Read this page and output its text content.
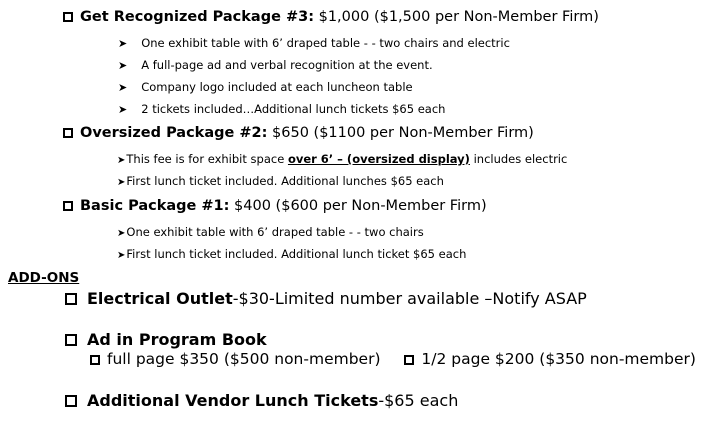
Get Recognized Package #3: $1,000 ($1,500 per Non-Member Firm)
➤ One exhibit table with 6’ draped table - - two chairs and electric
➤ A full-page ad and verbal recognition at the event.
➤ Company logo included at each luncheon table
➤ 2 tickets included…Additional lunch tickets $65 each
Oversized Package #2: $650 ($1100 per Non-Member Firm)
➤This fee is for exhibit space over 6’ – (oversized display) includes electric
➤First lunch ticket included. Additional lunches $65 each
Basic Package #1: $400 ($600 per Non-Member Firm)
➤One exhibit table with 6’ draped table - - two chairs
➤First lunch ticket included. Additional lunch ticket $65 each
ADD-ONS
Electrical Outlet-$30-Limited number available –Notify ASAP
Ad in Program Book
full page $350 ($500 non-member)	1/2 page $200 ($350 non-member)
Additional Vendor Lunch Tickets-$65 each
